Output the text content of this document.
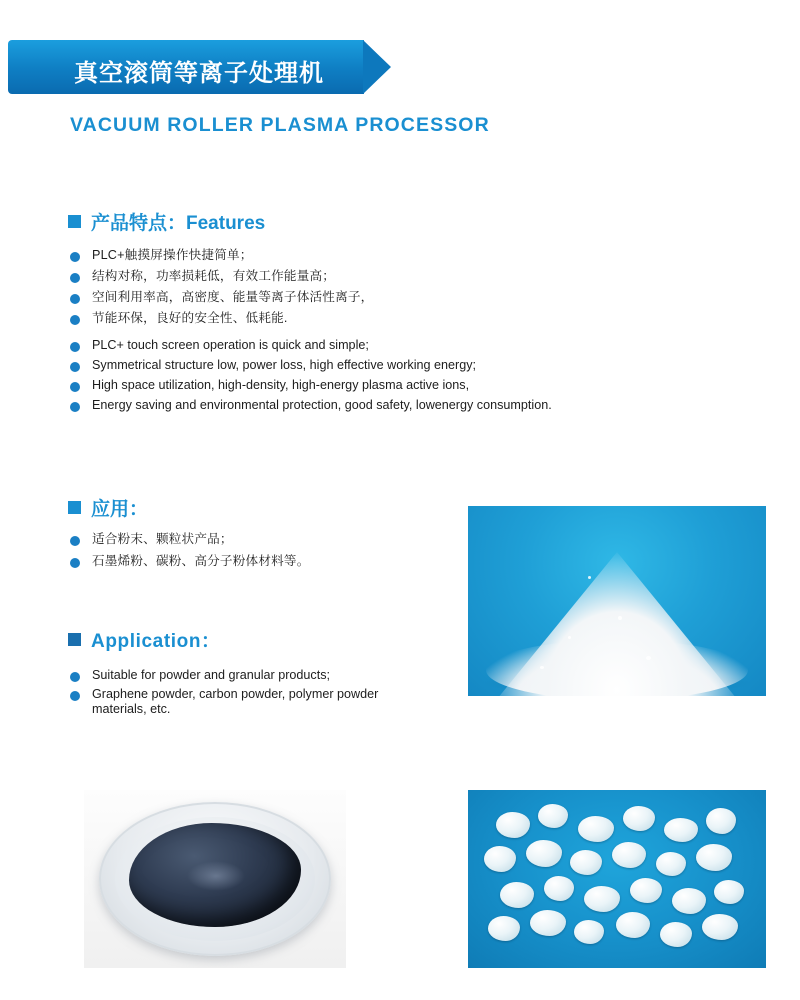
真空滚筒等离子处理机
VACUUM ROLLER PLASMA PROCESSOR
产品特点：Features
PLC+触摸屏操作快捷简单；
结构对称，功率损耗低，有效工作能量高；
空间利用率高，高密度、能量等离子体活性离子，
节能环保，良好的安全性、低耗能.
PLC+ touch screen operation is quick and simple;
Symmetrical structure low, power loss, high effective working energy;
High space utilization, high-density, high-energy plasma active ions,
Energy saving and environmental protection, good safety, lowenergy consumption.
应用：
适合粉末、颗粒状产品；
石墨烯粉、碳粉、高分子粉体材料等。
Application：
Suitable for powder and granular products;
Graphene powder, carbon powder, polymer powder materials, etc.
